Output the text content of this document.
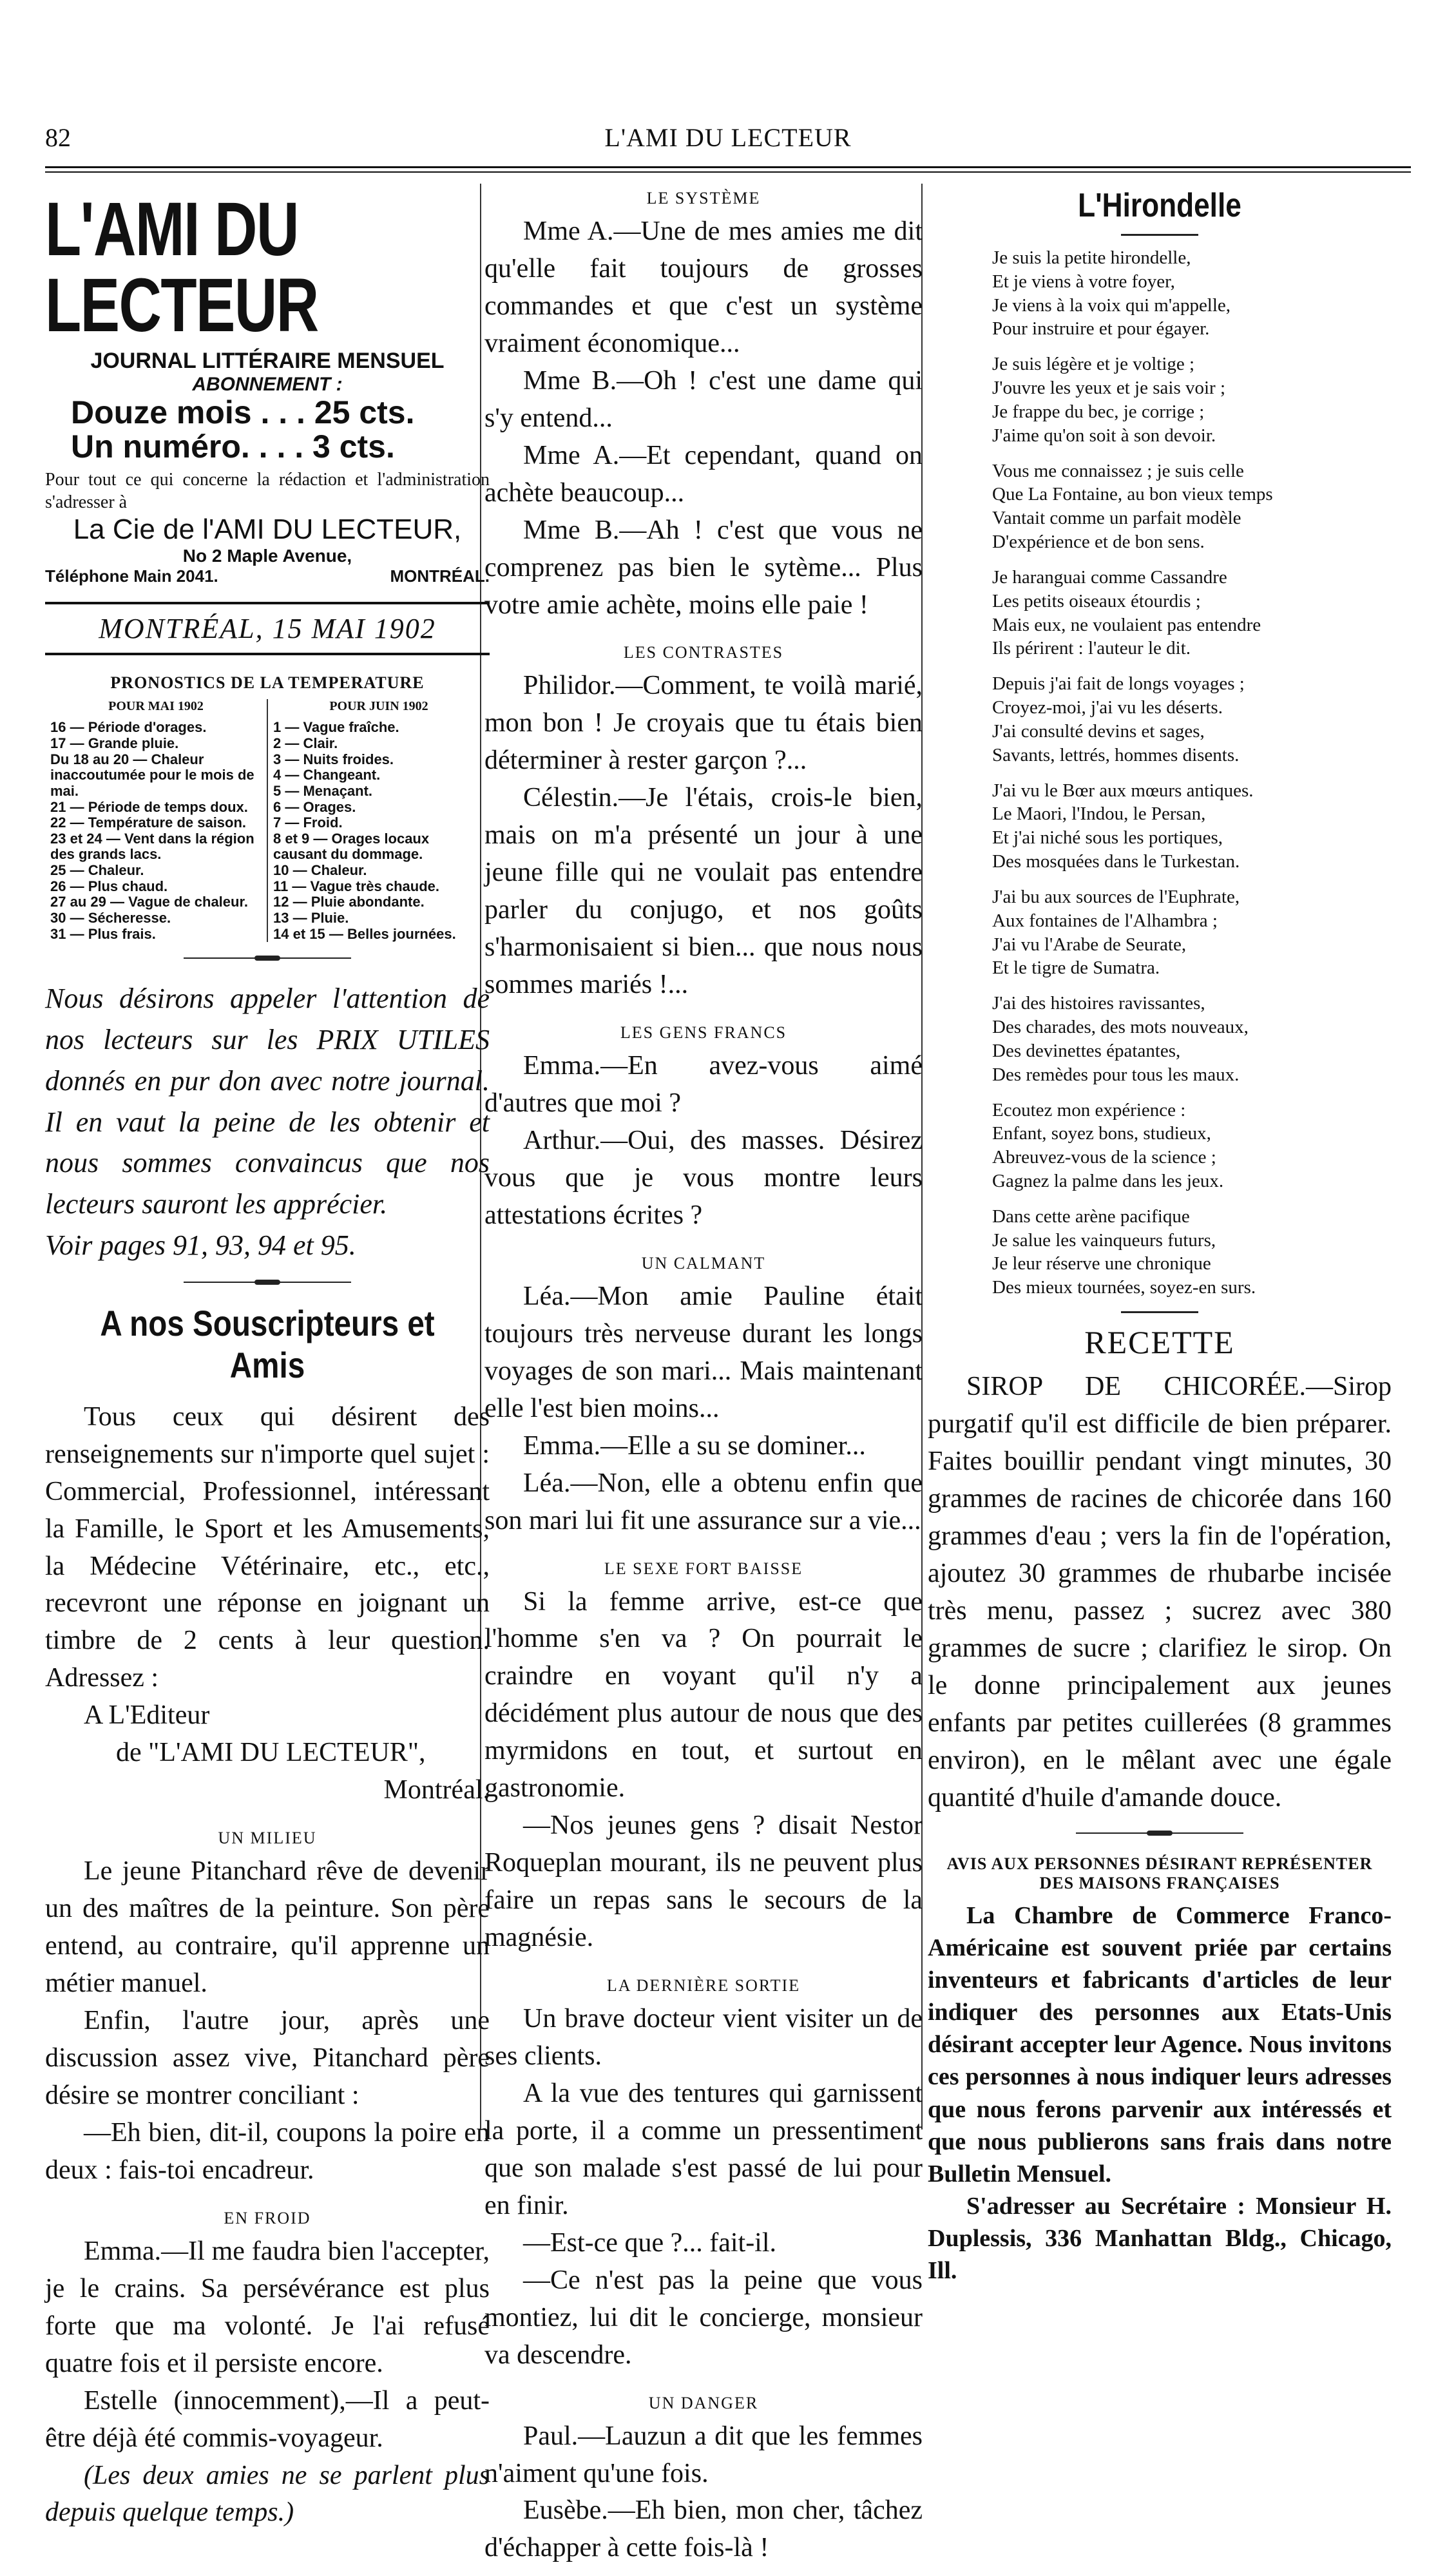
82	L'AMI DU LECTEUR
L'AMI DU LECTEUR
JOURNAL LITTÉRAIRE MENSUEL
ABONNEMENT :
Douze mois . . . 25 cts.
Un numéro. . . . 3 cts.
Pour tout ce qui concerne la rédaction et l'administration s'adresser à
La Cie de l'AMI DU LECTEUR,
No 2 Maple Avenue,
Téléphone Main 2041.	MONTRÉAL.
MONTRÉAL, 15 MAI 1902
PRONOSTICS DE LA TEMPERATURE
POUR MAI 1902
16 — Période d'orages.
17 — Grande pluie.
Du 18 au 20 — Chaleur inaccoutumée pour le mois de mai.
21 — Période de temps doux.
22 — Température de saison.
23 et 24 — Vent dans la région des grands lacs.
25 — Chaleur.
26 — Plus chaud.
27 au 29 — Vague de chaleur.
30 — Sécheresse.
31 — Plus frais.
POUR JUIN 1902
1 — Vague fraîche.
2 — Clair.
3 — Nuits froides.
4 — Changeant.
5 — Menaçant.
6 — Orages.
7 — Froid.
8 et 9 — Orages locaux causant du dommage.
10 — Chaleur.
11 — Vague très chaude.
12 — Pluie abondante.
13 — Pluie.
14 et 15 — Belles journées.
Nous désirons appeler l'attention de nos lecteurs sur les PRIX UTILES donnés en pur don avec notre journal. Il en vaut la peine de les obtenir et nous sommes convaincus que nos lecteurs sauront les apprécier.
Voir pages 91, 93, 94 et 95.
A nos Souscripteurs et Amis
Tous ceux qui désirent des renseignements sur n'importe quel sujet : Commercial, Professionnel, intéressant la Famille, le Sport et les Amusements, la Médecine Vétérinaire, etc., etc., recevront une réponse en joignant un timbre de 2 cents à leur question. Adressez :
A L'Editeur
de "L'AMI DU LECTEUR",
Montréal.
UN MILIEU
Le jeune Pitanchard rêve de devenir un des maîtres de la peinture. Son père entend, au contraire, qu'il apprenne un métier manuel.
Enfin, l'autre jour, après une discussion assez vive, Pitanchard père désire se montrer conciliant :
—Eh bien, dit-il, coupons la poire en deux : fais-toi encadreur.
EN FROID
Emma.—Il me faudra bien l'accepter, je le crains. Sa persévérance est plus forte que ma volonté. Je l'ai refusé quatre fois et il persiste encore.
Estelle (innocemment),—Il a peut-être déjà été commis-voyageur.
(Les deux amies ne se parlent plus depuis quelque temps.)
LE SYSTÈME
Mme A.—Une de mes amies me dit qu'elle fait toujours de grosses commandes et que c'est un système vraiment économique...
Mme B.—Oh ! c'est une dame qui s'y entend...
Mme A.—Et cependant, quand on achète beaucoup...
Mme B.—Ah ! c'est que vous ne comprenez pas bien le sytème... Plus votre amie achète, moins elle paie !
LES CONTRASTES
Philidor.—Comment, te voilà marié, mon bon ! Je croyais que tu étais bien déterminer à rester garçon ?...
Célestin.—Je l'étais, crois-le bien, mais on m'a présenté un jour à une jeune fille qui ne voulait pas entendre parler du conjugo, et nos goûts s'harmonisaient si bien... que nous nous sommes mariés !...
LES GENS FRANCS
Emma.—En avez-vous aimé d'autres que moi ?
Arthur.—Oui, des masses. Désirez vous que je vous montre leurs attestations écrites ?
UN CALMANT
Léa.—Mon amie Pauline était toujours très nerveuse durant les longs voyages de son mari... Mais maintenant elle l'est bien moins...
Emma.—Elle a su se dominer...
Léa.—Non, elle a obtenu enfin que son mari lui fit une assurance sur a vie...
LE SEXE FORT BAISSE
Si la femme arrive, est-ce que l'homme s'en va ? On pourrait le craindre en voyant qu'il n'y a décidément plus autour de nous que des myrmidons en tout, et surtout en gastronomie.
—Nos jeunes gens ? disait Nestor Roqueplan mourant, ils ne peuvent plus faire un repas sans le secours de la magnésie.
LA DERNIÈRE SORTIE
Un brave docteur vient visiter un de ses clients.
A la vue des tentures qui garnissent la porte, il a comme un pressentiment que son malade s'est passé de lui pour en finir.
—Est-ce que ?... fait-il.
—Ce n'est pas la peine que vous montiez, lui dit le concierge, monsieur va descendre.
UN DANGER
Paul.—Lauzun a dit que les femmes n'aiment qu'une fois.
Eusèbe.—Eh bien, mon cher, tâchez d'échapper à cette fois-là !
L'Hirondelle
Je suis la petite hirondelle,
Et je viens à votre foyer,
Je viens à la voix qui m'appelle,
Pour instruire et pour égayer.
Je suis légère et je voltige ;
J'ouvre les yeux et je sais voir ;
Je frappe du bec, je corrige ;
J'aime qu'on soit à son devoir.
Vous me connaissez ; je suis celle
Que La Fontaine, au bon vieux temps
Vantait comme un parfait modèle
D'expérience et de bon sens.
Je haranguai comme Cassandre
Les petits oiseaux étourdis ;
Mais eux, ne voulaient pas entendre
Ils périrent : l'auteur le dit.
Depuis j'ai fait de longs voyages ;
Croyez-moi, j'ai vu les déserts.
J'ai consulté devins et sages,
Savants, lettrés, hommes disents.
J'ai vu le Bœr aux mœurs antiques.
Le Maori, l'Indou, le Persan,
Et j'ai niché sous les portiques,
Des mosquées dans le Turkestan.
J'ai bu aux sources de l'Euphrate,
Aux fontaines de l'Alhambra ;
J'ai vu l'Arabe de Seurate,
Et le tigre de Sumatra.
J'ai des histoires ravissantes,
Des charades, des mots nouveaux,
Des devinettes épatantes,
Des remèdes pour tous les maux.
Ecoutez mon expérience :
Enfant, soyez bons, studieux,
Abreuvez-vous de la science ;
Gagnez la palme dans les jeux.
Dans cette arène pacifique
Je salue les vainqueurs futurs,
Je leur réserve une chronique
Des mieux tournées, soyez-en surs.
RECETTE
SIROP DE CHICORÉE.—Sirop purgatif qu'il est difficile de bien préparer. Faites bouillir pendant vingt minutes, 30 grammes de racines de chicorée dans 160 grammes d'eau ; vers la fin de l'opération, ajoutez 30 grammes de rhubarbe incisée très menu, passez ; sucrez avec 380 grammes de sucre ; clarifiez le sirop. On le donne principalement aux jeunes enfants par petites cuillerées (8 grammes environ), en le mêlant avec une égale quantité d'huile d'amande douce.
AVIS AUX PERSONNES DÉSIRANT REPRÉSENTER DES MAISONS FRANÇAISES
La Chambre de Commerce Franco-Américaine est souvent priée par certains inventeurs et fabricants d'articles de leur indiquer des personnes aux Etats-Unis désirant accepter leur Agence. Nous invitons ces personnes à nous indiquer leurs adresses que nous ferons parvenir aux intéressés et que nous publierons sans frais dans notre Bulletin Mensuel.
S'adresser au Secrétaire : Monsieur H. Duplessis, 336 Manhattan Bldg., Chicago, Ill.
